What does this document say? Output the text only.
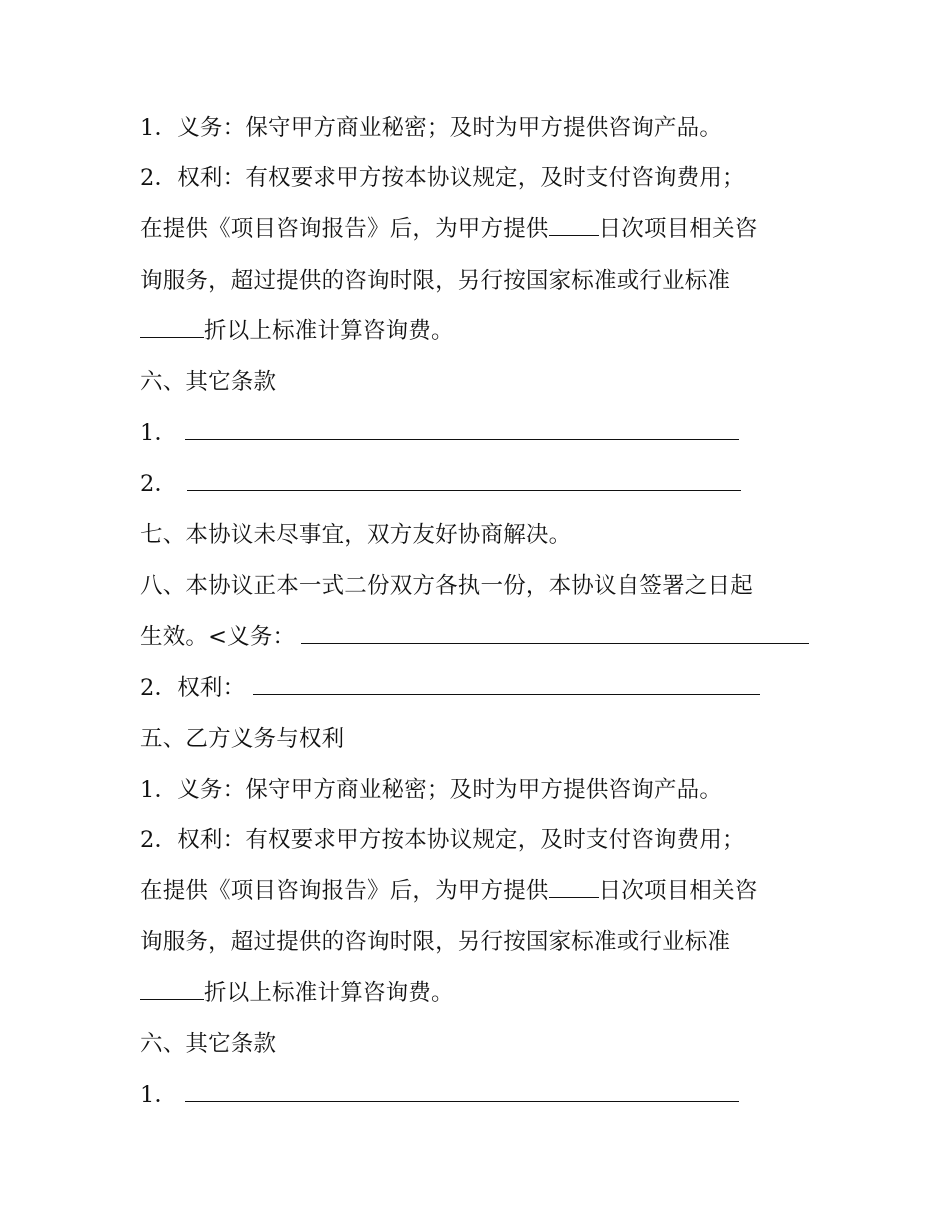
1．义务：保守甲方商业秘密；及时为甲方提供咨询产品。
2．权利：有权要求甲方按本协议规定，及时支付咨询费用；
在提供《项目咨询报告》后，为甲方提供 日次项目相关咨
询服务，超过提供的咨询时限，另行按国家标准或行业标准
折以上标准计算咨询费。
六、其它条款
1．
2．
七、本协议未尽事宜，双方友好协商解决。
八、本协议正本一式二份双方各执一份，本协议自签署之日起
生效。<义务：
2．权利：
五、乙方义务与权利
1．义务：保守甲方商业秘密；及时为甲方提供咨询产品。
2．权利：有权要求甲方按本协议规定，及时支付咨询费用；
在提供《项目咨询报告》后，为甲方提供 日次项目相关咨
询服务，超过提供的咨询时限，另行按国家标准或行业标准
折以上标准计算咨询费。
六、其它条款
1．
